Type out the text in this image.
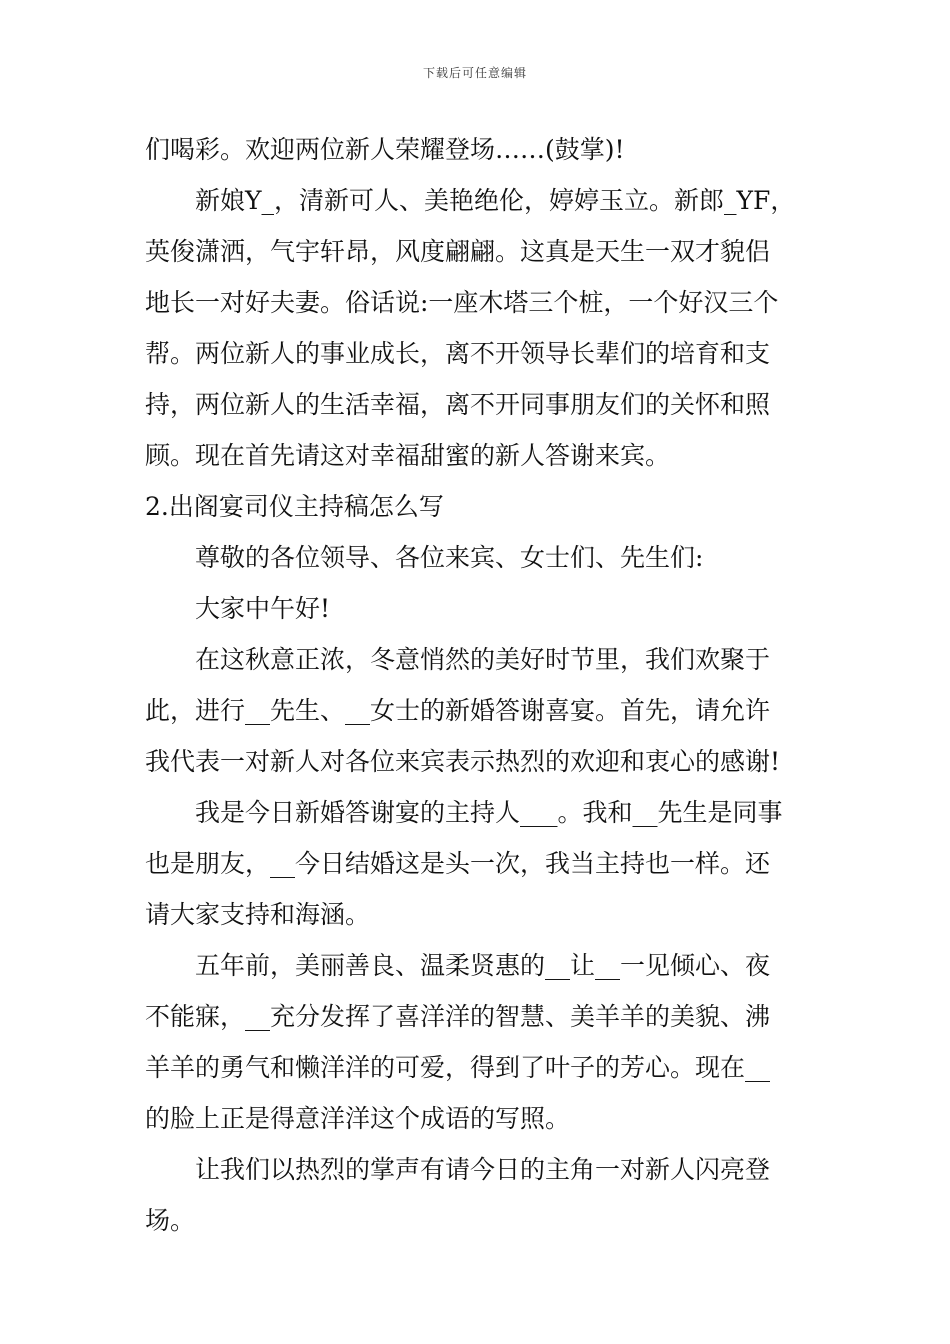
下载后可任意编辑
们喝彩。欢迎两位新人荣耀登场……(鼓掌)!
新娘Y_，清新可人、美艳绝伦，婷婷玉立。新郎_YF，
英俊潇洒，气宇轩昂，风度翩翩。这真是天生一双才貌侣
地长一对好夫妻。俗话说:一座木塔三个桩，一个好汉三个
帮。两位新人的事业成长，离不开领导长辈们的培育和支
持，两位新人的生活幸福，离不开同事朋友们的关怀和照
顾。现在首先请这对幸福甜蜜的新人答谢来宾。
2.出阁宴司仪主持稿怎么写
尊敬的各位领导、各位来宾、女士们、先生们:
大家中午好!
在这秋意正浓，冬意悄然的美好时节里，我们欢聚于
此，进行__先生、__女士的新婚答谢喜宴。首先，请允许
我代表一对新人对各位来宾表示热烈的欢迎和衷心的感谢!
我是今日新婚答谢宴的主持人___。我和__先生是同事
也是朋友，__今日结婚这是头一次，我当主持也一样。还
请大家支持和海涵。
五年前，美丽善良、温柔贤惠的__让__一见倾心、夜
不能寐，__充分发挥了喜洋洋的智慧、美羊羊的美貌、沸
羊羊的勇气和懒洋洋的可爱，得到了叶子的芳心。现在__
的脸上正是得意洋洋这个成语的写照。
让我们以热烈的掌声有请今日的主角一对新人闪亮登
场。
